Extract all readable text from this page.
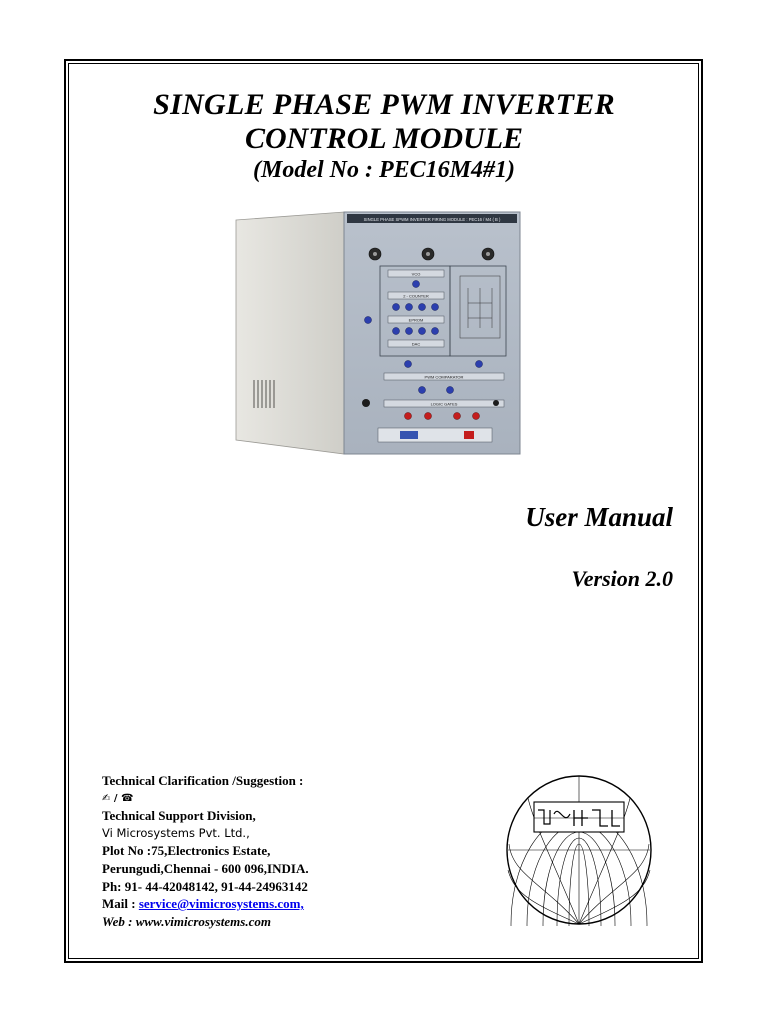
SINGLE PHASE PWM INVERTER
CONTROL MODULE
(Model No : PEC16M4#1)
SINGLE PHASE SPWM INVERTER FIRING MODULE : PEC16 / M4 ( B )
VCO
2 - COUNTER
EPROM
DAC
PWM COMPARATOR
LOGIC GATES
User Manual
Version 2.0
Technical Clarification /Suggestion :
✍ / ☎
Technical Support Division,
Vi Microsystems Pvt. Ltd.,
Plot No :75,Electronics Estate,
Perungudi,Chennai - 600 096,INDIA.
Ph: 91- 44-42048142, 91-44-24963142
Mail : service@vimicrosystems.com,
Web : www.vimicrosystems.com
